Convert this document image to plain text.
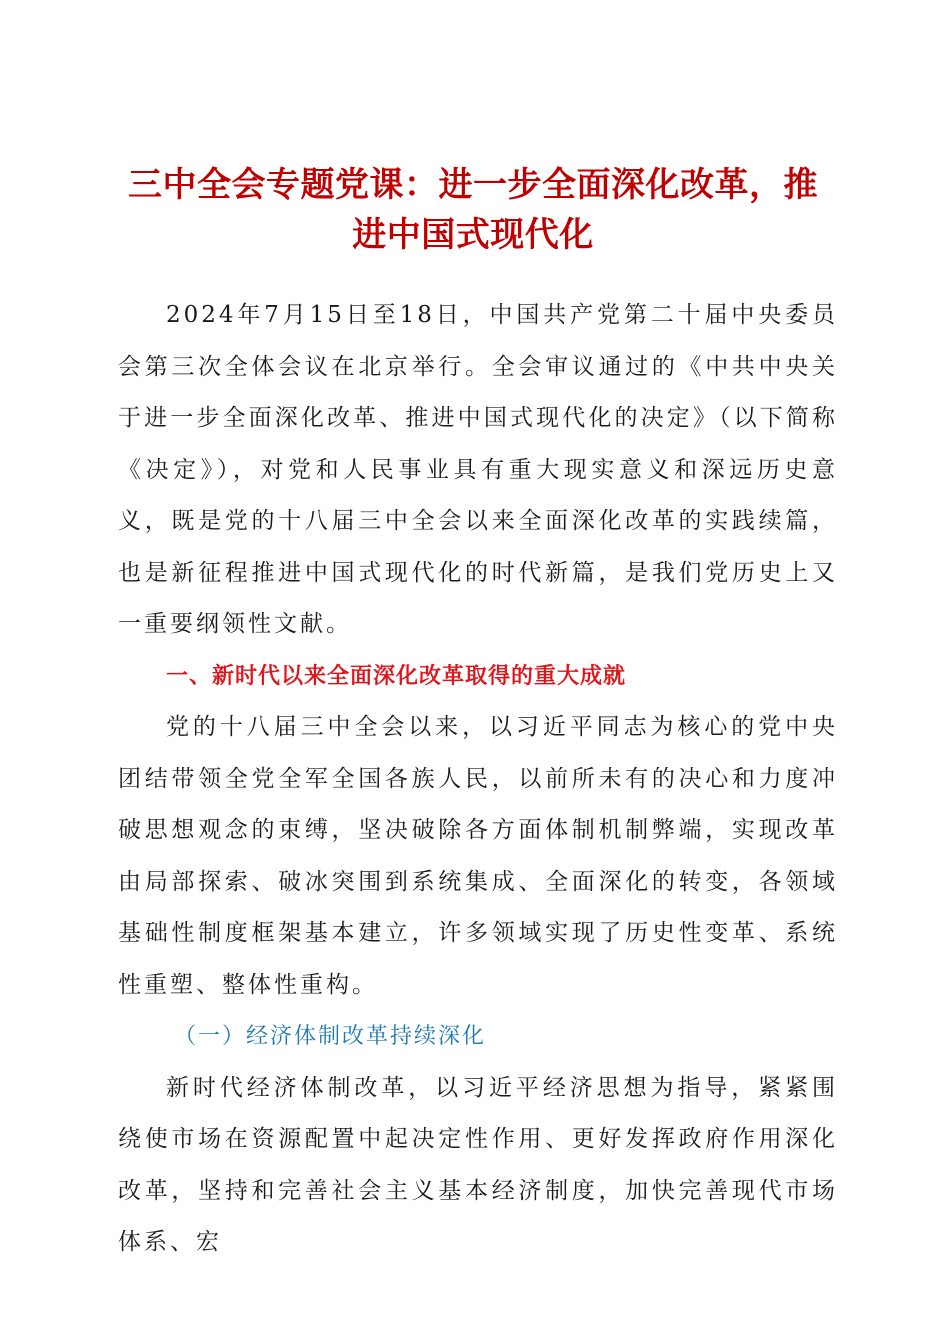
三中全会专题党课：进一步全面深化改革，推
进中国式现代化

2024年7月15日至18日，中国共产党第二十届中央委员会第三次全体会议在北京举行。全会审议通过的《中共中央关于进一步全面深化改革、推进中国式现代化的决定》（以下简称《决定》），对党和人民事业具有重大现实意义和深远历史意义，既是党的十八届三中全会以来全面深化改革的实践续篇，也是新征程推进中国式现代化的时代新篇，是我们党历史上又一重要纲领性文献。

一、新时代以来全面深化改革取得的重大成就

党的十八届三中全会以来，以习近平同志为核心的党中央团结带领全党全军全国各族人民，以前所未有的决心和力度冲破思想观念的束缚，坚决破除各方面体制机制弊端，实现改革由局部探索、破冰突围到系统集成、全面深化的转变，各领域基础性制度框架基本建立，许多领域实现了历史性变革、系统性重塑、整体性重构。

（一）经济体制改革持续深化

新时代经济体制改革，以习近平经济思想为指导，紧紧围绕使市场在资源配置中起决定性作用、更好发挥政府作用深化改革，坚持和完善社会主义基本经济制度，加快完善现代市场体系、宏
